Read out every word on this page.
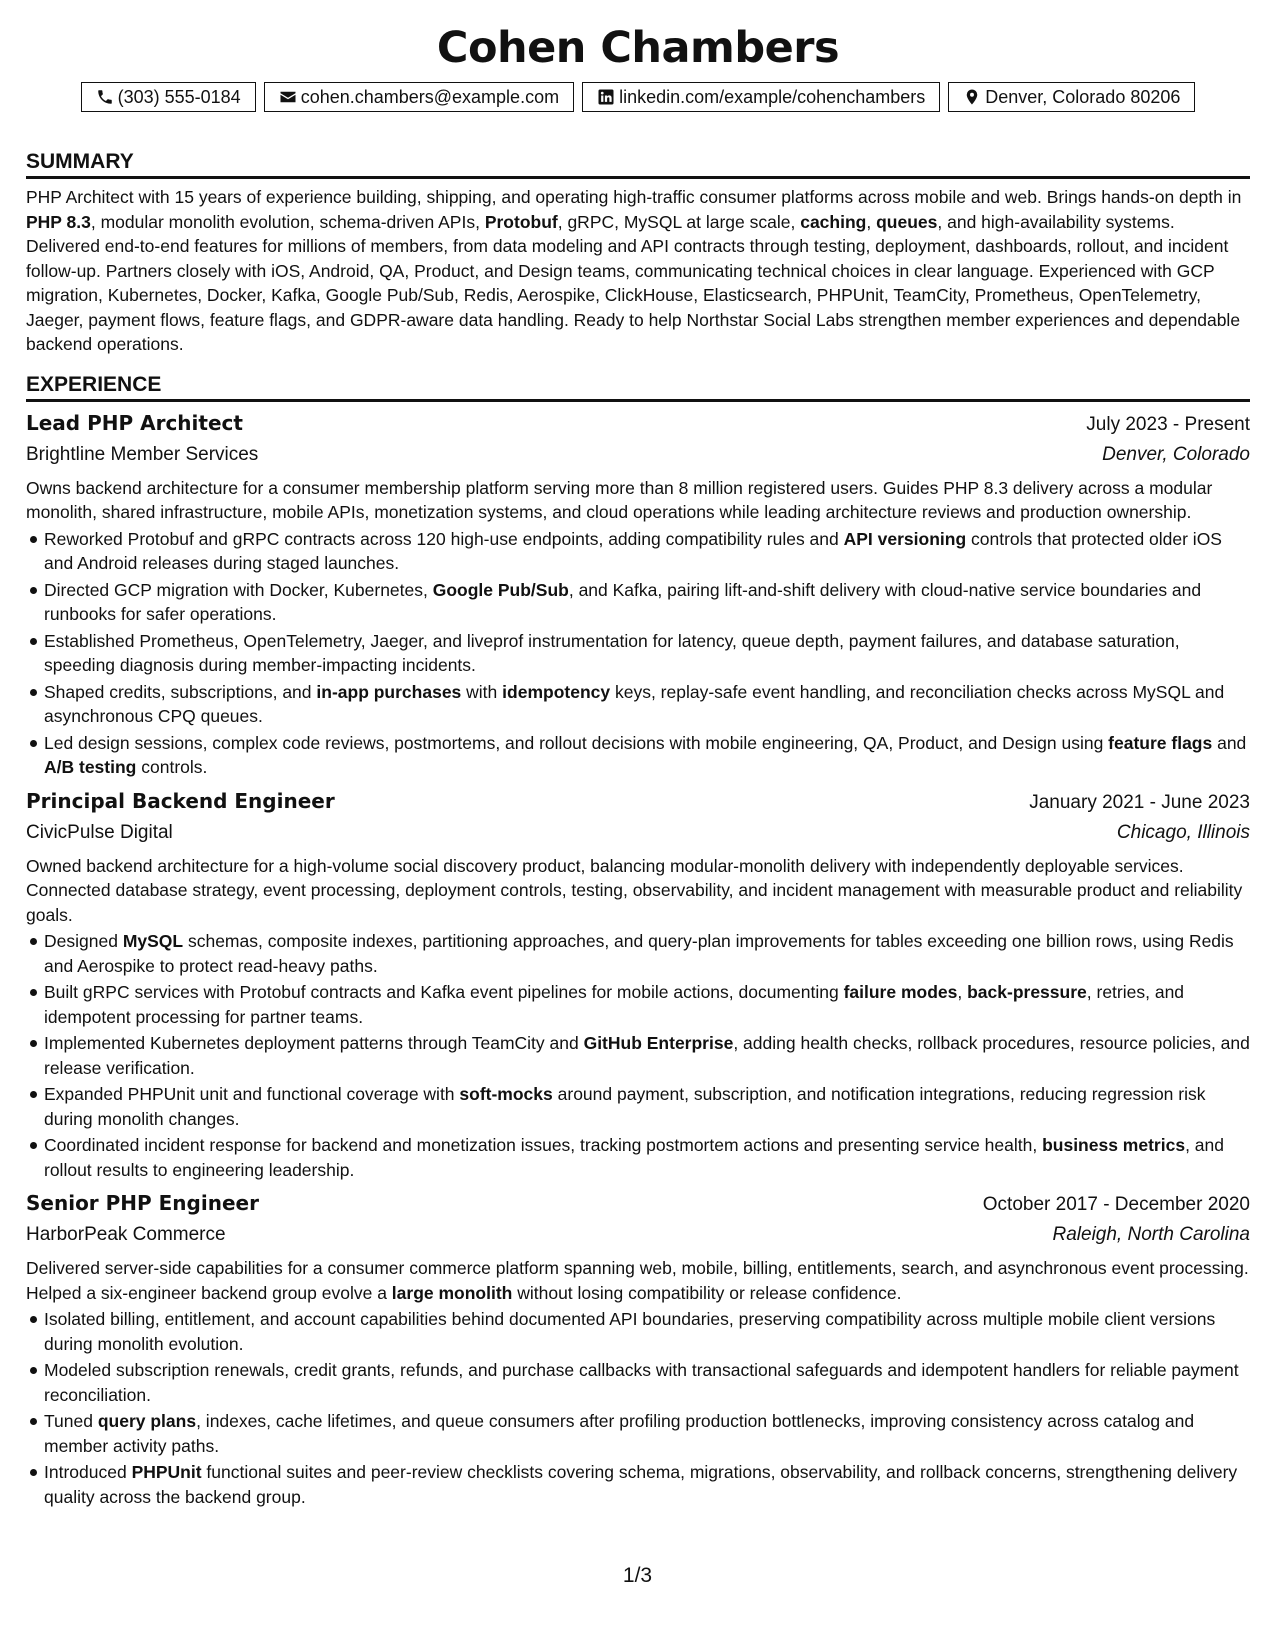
Cohen Chambers
(303) 555-0184	cohen.chambers@example.com	linkedin.com/example/cohenchambers	Denver, Colorado 80206
SUMMARY

PHP Architect with 15 years of experience building, shipping, and operating high-traffic consumer platforms across mobile and web. Brings hands-on depth in PHP 8.3, modular monolith evolution, schema-driven APIs, Protobuf, gRPC, MySQL at large scale, caching, queues, and high-availability systems. Delivered end-to-end features for millions of members, from data modeling and API contracts through testing, deployment, dashboards, rollout, and incident follow-up. Partners closely with iOS, Android, QA, Product, and Design teams, communicating technical choices in clear language. Experienced with GCP migration, Kubernetes, Docker, Kafka, Google Pub/Sub, Redis, Aerospike, ClickHouse, Elasticsearch, PHPUnit, TeamCity, Prometheus, OpenTelemetry, Jaeger, payment flows, feature flags, and GDPR-aware data handling. Ready to help Northstar Social Labs strengthen member experiences and dependable backend operations.

EXPERIENCE
Lead PHP Architect	July 2023 - Present
Brightline Member Services	Denver, Colorado

Owns backend architecture for a consumer membership platform serving more than 8 million registered users. Guides PHP 8.3 delivery across a modular monolith, shared infrastructure, mobile APIs, monetization systems, and cloud operations while leading architecture reviews and production ownership.

Reworked Protobuf and gRPC contracts across 120 high-use endpoints, adding compatibility rules and API versioning controls that protected older iOS and Android releases during staged launches.
Directed GCP migration with Docker, Kubernetes, Google Pub/Sub, and Kafka, pairing lift-and-shift delivery with cloud-native service boundaries and runbooks for safer operations.
Established Prometheus, OpenTelemetry, Jaeger, and liveprof instrumentation for latency, queue depth, payment failures, and database saturation, speeding diagnosis during member-impacting incidents.
Shaped credits, subscriptions, and in-app purchases with idempotency keys, replay-safe event handling, and reconciliation checks across MySQL and asynchronous CPQ queues.
Led design sessions, complex code reviews, postmortems, and rollout decisions with mobile engineering, QA, Product, and Design using feature flags and A/B testing controls.
Principal Backend Engineer	January 2021 - June 2023
CivicPulse Digital	Chicago, Illinois

Owned backend architecture for a high-volume social discovery product, balancing modular-monolith delivery with independently deployable services. Connected database strategy, event processing, deployment controls, testing, observability, and incident management with measurable product and reliability goals.

Designed MySQL schemas, composite indexes, partitioning approaches, and query-plan improvements for tables exceeding one billion rows, using Redis and Aerospike to protect read-heavy paths.
Built gRPC services with Protobuf contracts and Kafka event pipelines for mobile actions, documenting failure modes, back-pressure, retries, and idempotent processing for partner teams.
Implemented Kubernetes deployment patterns through TeamCity and GitHub Enterprise, adding health checks, rollback procedures, resource policies, and release verification.
Expanded PHPUnit unit and functional coverage with soft-mocks around payment, subscription, and notification integrations, reducing regression risk during monolith changes.
Coordinated incident response for backend and monetization issues, tracking postmortem actions and presenting service health, business metrics, and rollout results to engineering leadership.
Senior PHP Engineer	October 2017 - December 2020
HarborPeak Commerce	Raleigh, North Carolina

Delivered server-side capabilities for a consumer commerce platform spanning web, mobile, billing, entitlements, search, and asynchronous event processing. Helped a six-engineer backend group evolve a large monolith without losing compatibility or release confidence.

Isolated billing, entitlement, and account capabilities behind documented API boundaries, preserving compatibility across multiple mobile client versions during monolith evolution.
Modeled subscription renewals, credit grants, refunds, and purchase callbacks with transactional safeguards and idempotent handlers for reliable payment reconciliation.
Tuned query plans, indexes, cache lifetimes, and queue consumers after profiling production bottlenecks, improving consistency across catalog and member activity paths.
Introduced PHPUnit functional suites and peer-review checklists covering schema, migrations, observability, and rollback concerns, strengthening delivery quality across the backend group.
1/3
